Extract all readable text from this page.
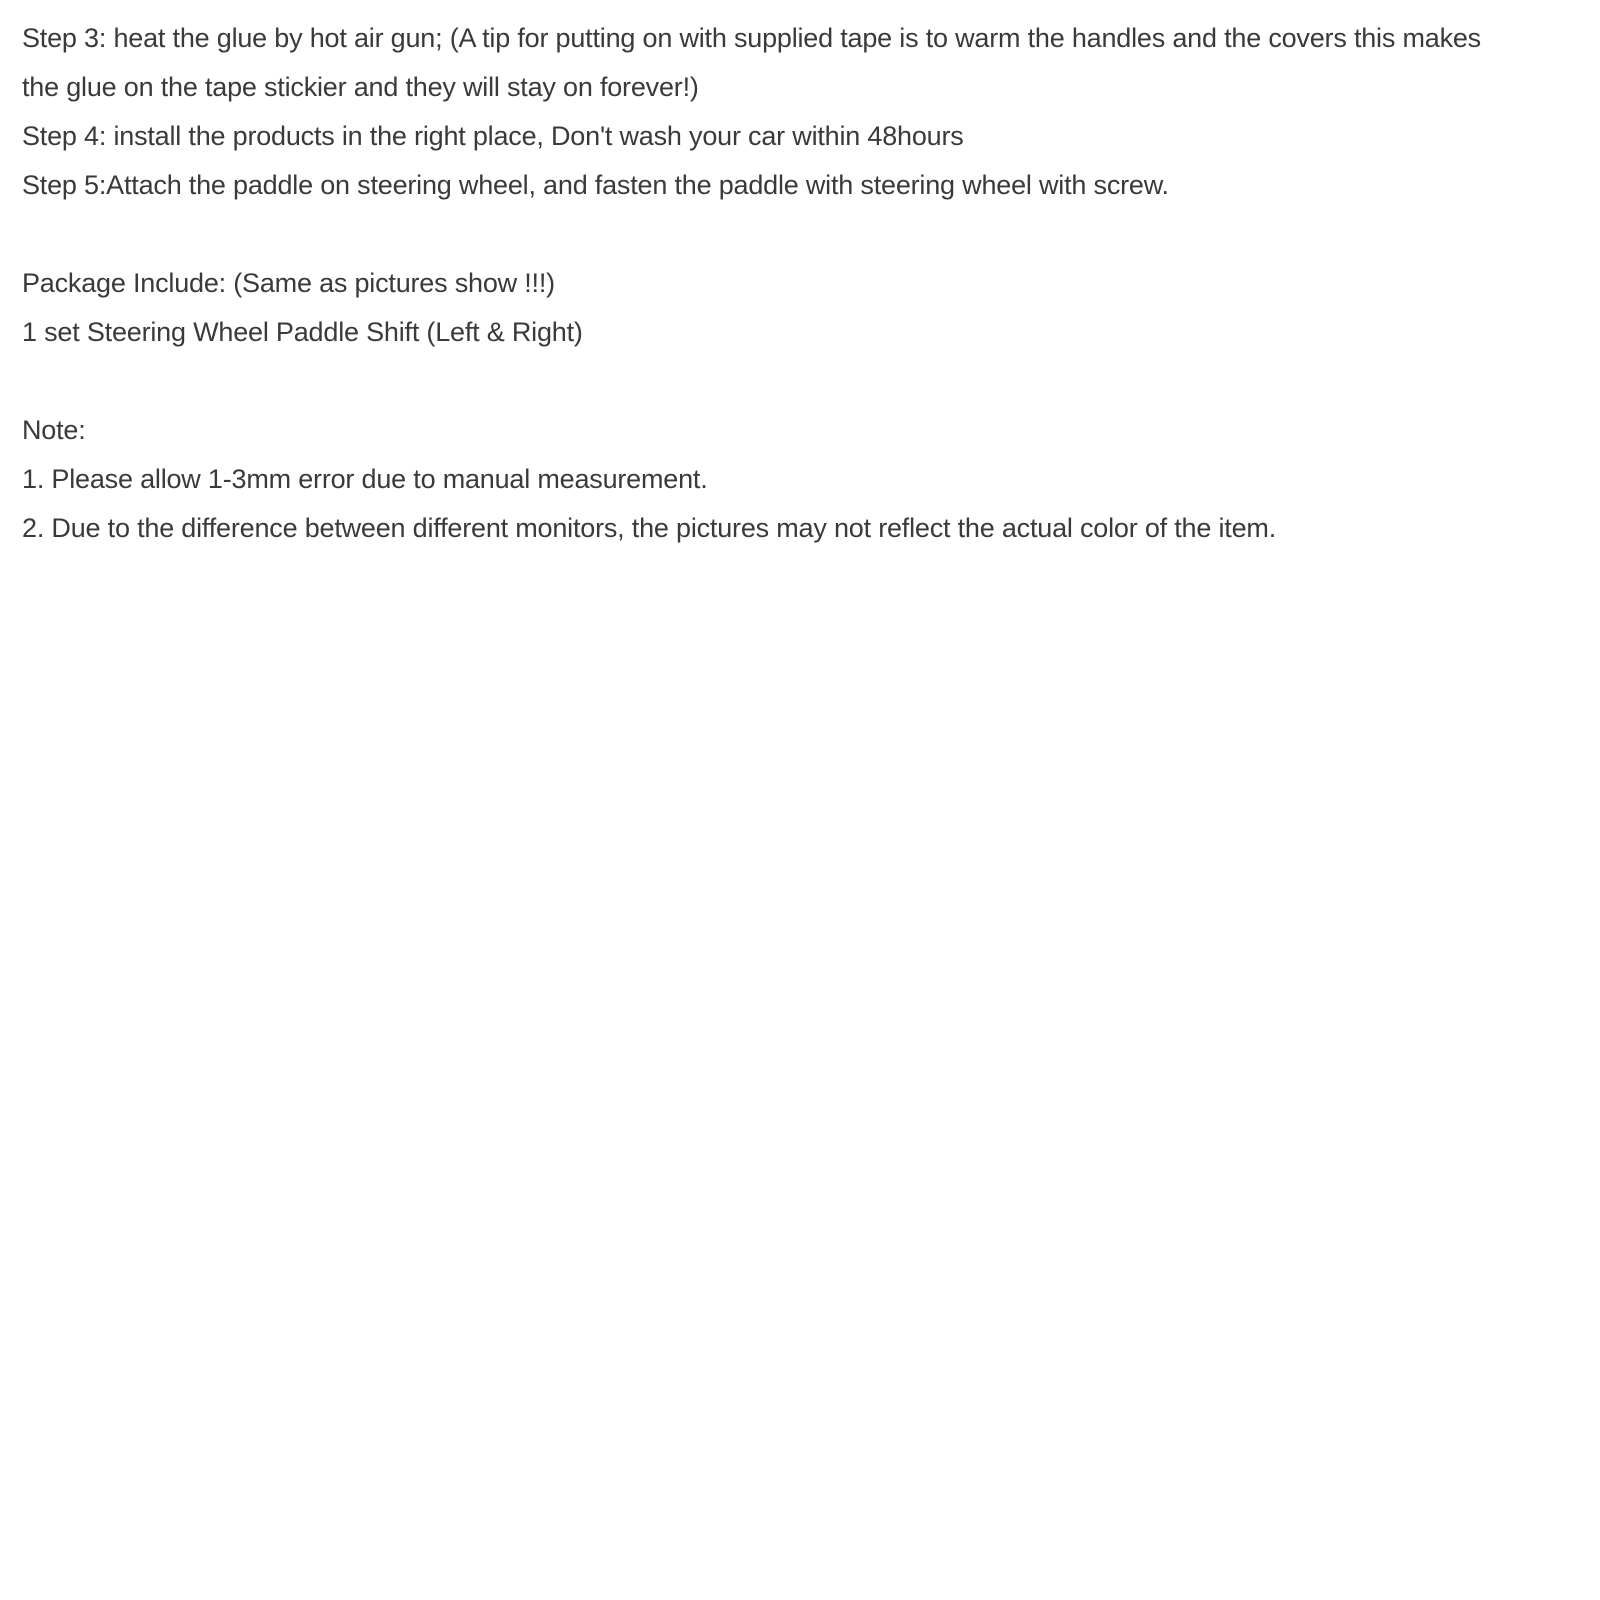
Step 3: heat the glue by hot air gun; (A tip for putting on with supplied tape is to warm the handles and the covers this makes

the glue on the tape stickier and they will stay on forever!)

Step 4: install the products in the right place, Don't wash your car within 48hours

Step 5:Attach the paddle on steering wheel, and fasten the paddle with steering wheel with screw.

Package Include: (Same as pictures show !!!)

1 set Steering Wheel Paddle Shift (Left & Right)

Note:

1. Please allow 1-3mm error due to manual measurement.

2. Due to the difference between different monitors, the pictures may not reflect the actual color of the item.
